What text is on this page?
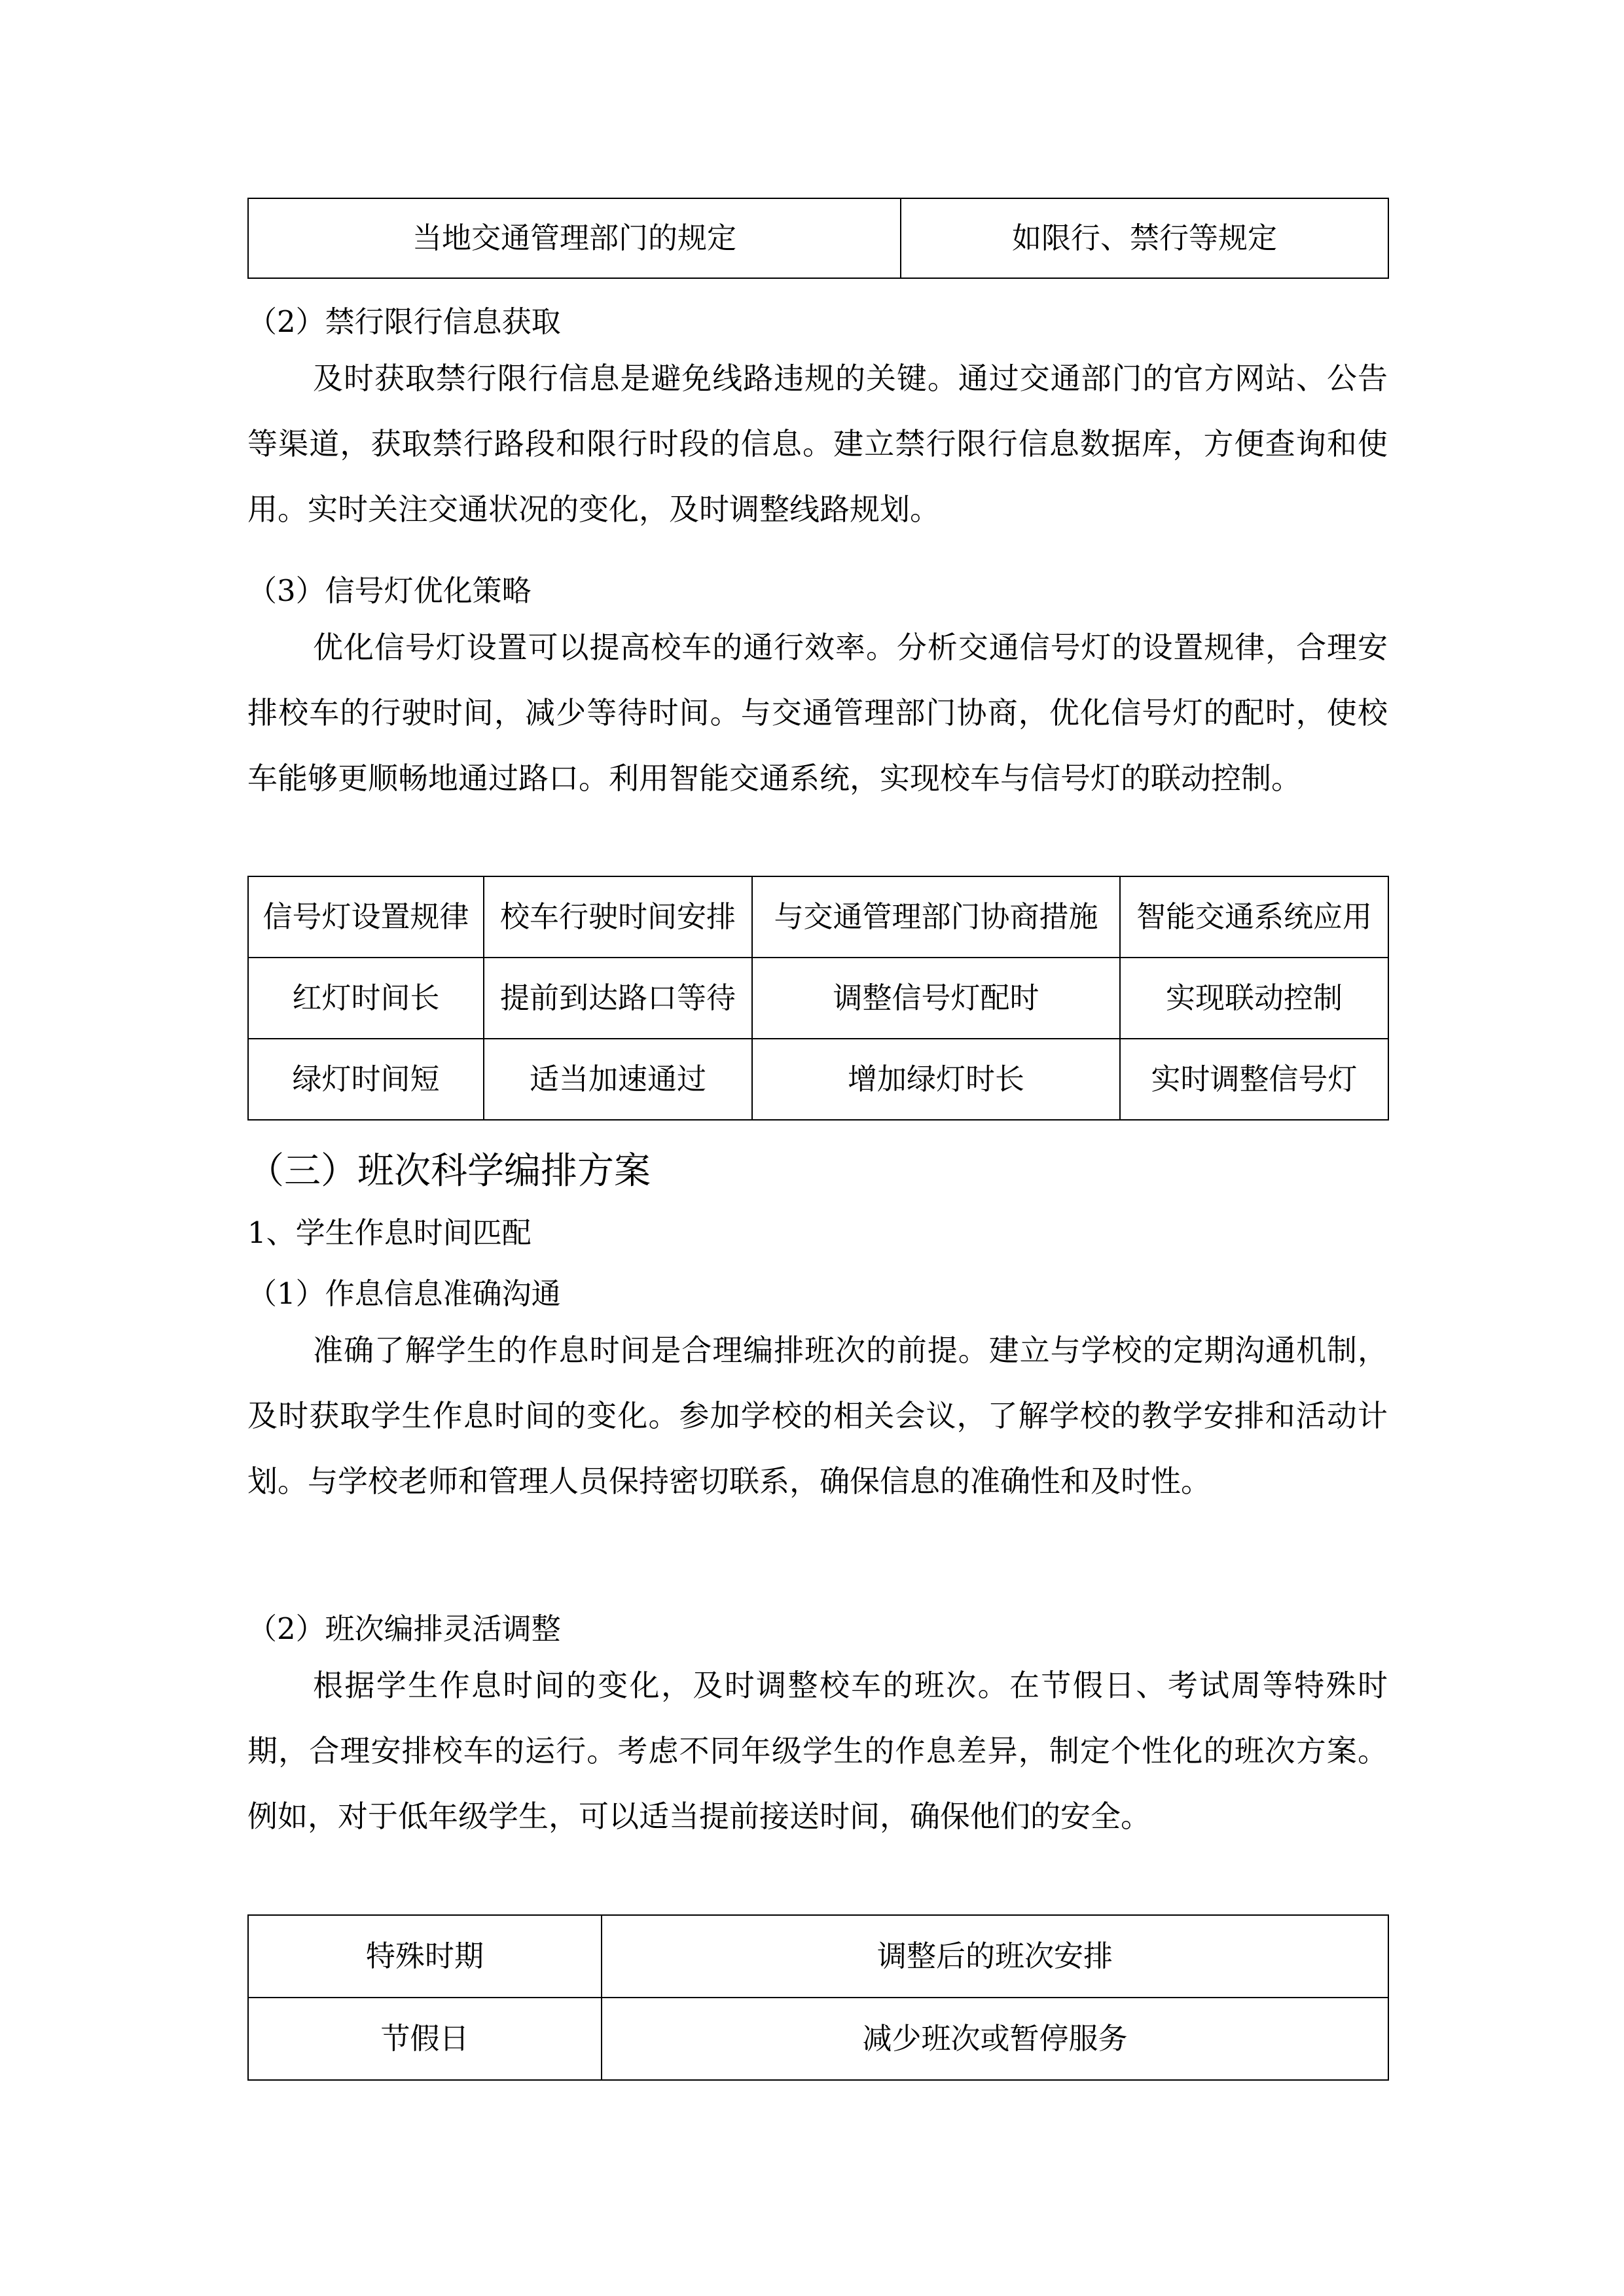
当地交通管理部门的规定	如限行、禁行等规定
（2）禁行限行信息获取

及时获取禁行限行信息是避免线路违规的关键。通过交通部门的官方网站、公告等渠道，获取禁行路段和限行时段的信息。建立禁行限行信息数据库，方便查询和使用。实时关注交通状况的变化，及时调整线路规划。

（3）信号灯优化策略

优化信号灯设置可以提高校车的通行效率。分析交通信号灯的设置规律，合理安排校车的行驶时间，减少等待时间。与交通管理部门协商，优化信号灯的配时，使校车能够更顺畅地通过路口。利用智能交通系统，实现校车与信号灯的联动控制。

信号灯设置规律	校车行驶时间安排	与交通管理部门协商措施	智能交通系统应用
红灯时间长	提前到达路口等待	调整信号灯配时	实现联动控制
绿灯时间短	适当加速通过	增加绿灯时长	实时调整信号灯
（三）班次科学编排方案
1、学生作息时间匹配
（1）作息信息准确沟通

准确了解学生的作息时间是合理编排班次的前提。建立与学校的定期沟通机制，及时获取学生作息时间的变化。参加学校的相关会议，了解学校的教学安排和活动计划。与学校老师和管理人员保持密切联系，确保信息的准确性和及时性。

（2）班次编排灵活调整

根据学生作息时间的变化，及时调整校车的班次。在节假日、考试周等特殊时期，合理安排校车的运行。考虑不同年级学生的作息差异，制定个性化的班次方案。例如，对于低年级学生，可以适当提前接送时间，确保他们的安全。

特殊时期	调整后的班次安排
节假日	减少班次或暂停服务
